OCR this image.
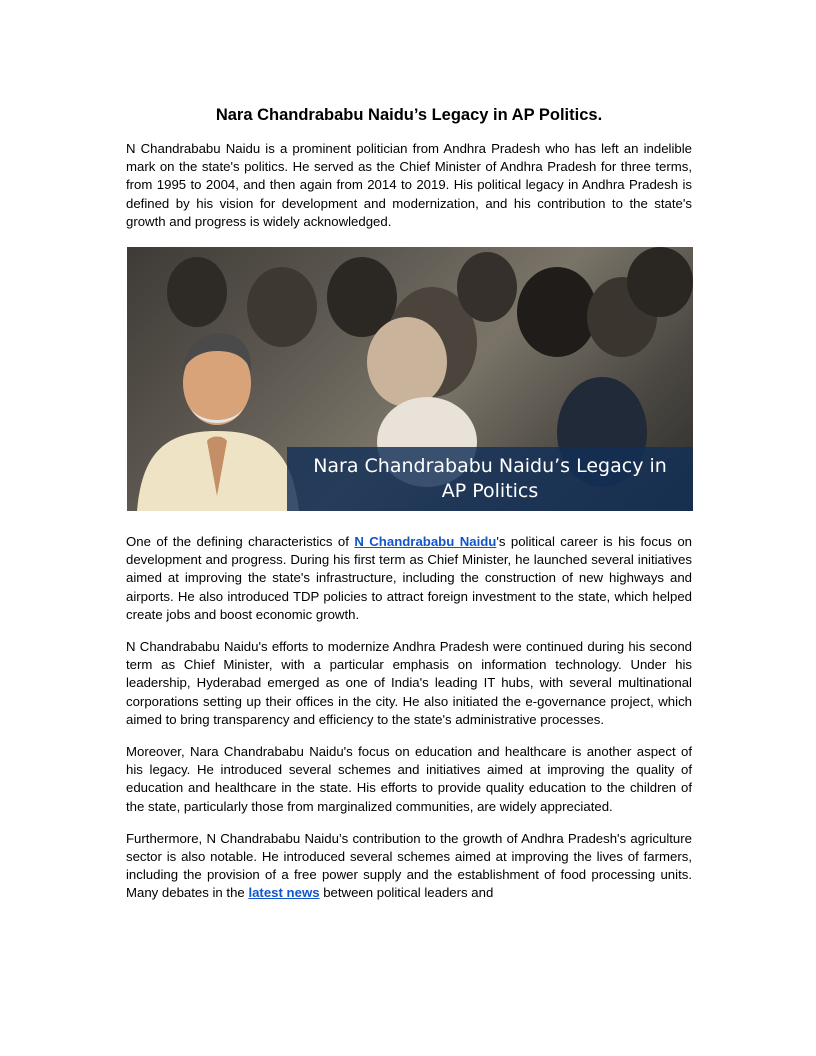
Nara Chandrababu Naidu’s Legacy in AP Politics.

N Chandrababu Naidu is a prominent politician from Andhra Pradesh who has left an indelible mark on the state's politics. He served as the Chief Minister of Andhra Pradesh for three terms, from 1995 to 2004, and then again from 2014 to 2019. His political legacy in Andhra Pradesh is defined by his vision for development and modernization, and his contribution to the state's growth and progress is widely acknowledged.

Nara Chandrababu Naidu’s Legacy in
AP Politics

One of the defining characteristics of N Chandrababu Naidu's political career is his focus on development and progress. During his first term as Chief Minister, he launched several initiatives aimed at improving the state's infrastructure, including the construction of new highways and airports. He also introduced TDP policies to attract foreign investment to the state, which helped create jobs and boost economic growth.

N Chandrababu Naidu's efforts to modernize Andhra Pradesh were continued during his second term as Chief Minister, with a particular emphasis on information technology. Under his leadership, Hyderabad emerged as one of India's leading IT hubs, with several multinational corporations setting up their offices in the city. He also initiated the e-governance project, which aimed to bring transparency and efficiency to the state's administrative processes.

Moreover, Nara Chandrababu Naidu's focus on education and healthcare is another aspect of his legacy. He introduced several schemes and initiatives aimed at improving the quality of education and healthcare in the state. His efforts to provide quality education to the children of the state, particularly those from marginalized communities, are widely appreciated.

Furthermore, N Chandrababu Naidu’s contribution to the growth of Andhra Pradesh's agriculture sector is also notable. He introduced several schemes aimed at improving the lives of farmers, including the provision of a free power supply and the establishment of food processing units. Many debates in the latest news between political leaders and
